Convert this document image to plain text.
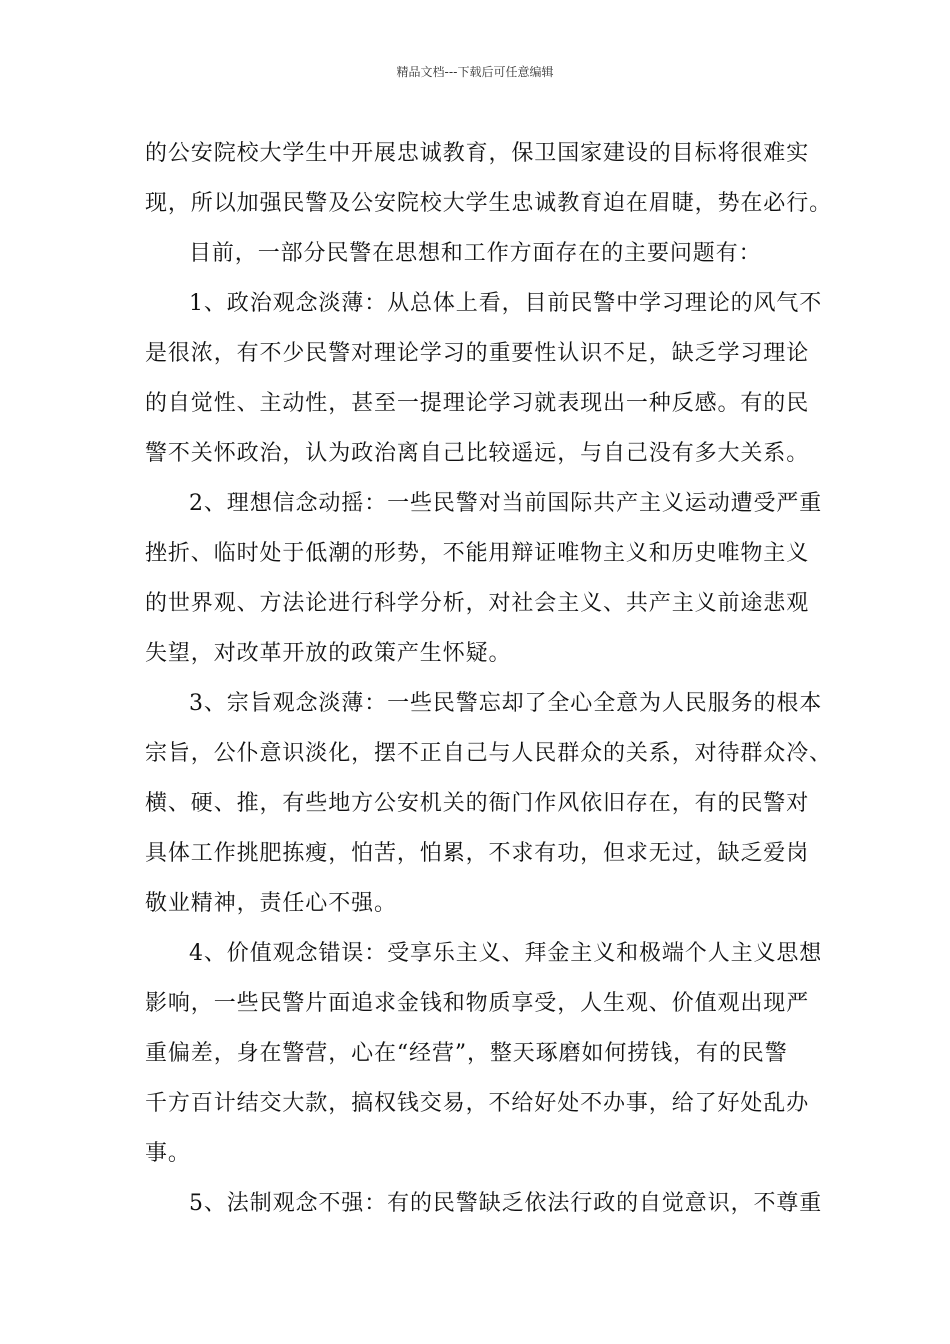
精品文档---下载后可任意编辑
的公安院校大学生中开展忠诚教育，保卫国家建设的目标将很难实
现，所以加强民警及公安院校大学生忠诚教育迫在眉睫，势在必行。
目前，一部分民警在思想和工作方面存在的主要问题有：
1、政治观念淡薄：从总体上看，目前民警中学习理论的风气不
是很浓，有不少民警对理论学习的重要性认识不足，缺乏学习理论
的自觉性、主动性，甚至一提理论学习就表现出一种反感。有的民
警不关怀政治，认为政治离自己比较遥远，与自己没有多大关系。
2、理想信念动摇：一些民警对当前国际共产主义运动遭受严重
挫折、临时处于低潮的形势，不能用辩证唯物主义和历史唯物主义
的世界观、方法论进行科学分析，对社会主义、共产主义前途悲观
失望，对改革开放的政策产生怀疑。
3、宗旨观念淡薄：一些民警忘却了全心全意为人民服务的根本
宗旨，公仆意识淡化，摆不正自己与人民群众的关系，对待群众冷、
横、硬、推，有些地方公安机关的衙门作风依旧存在，有的民警对
具体工作挑肥拣瘦，怕苦，怕累，不求有功，但求无过，缺乏爱岗
敬业精神，责任心不强。
4、价值观念错误：受享乐主义、拜金主义和极端个人主义思想
影响，一些民警片面追求金钱和物质享受，人生观、价值观出现严
重偏差，身在警营，心在“经营”，整天琢磨如何捞钱，有的民警
千方百计结交大款，搞权钱交易，不给好处不办事，给了好处乱办
事。
5、法制观念不强：有的民警缺乏依法行政的自觉意识，不尊重
